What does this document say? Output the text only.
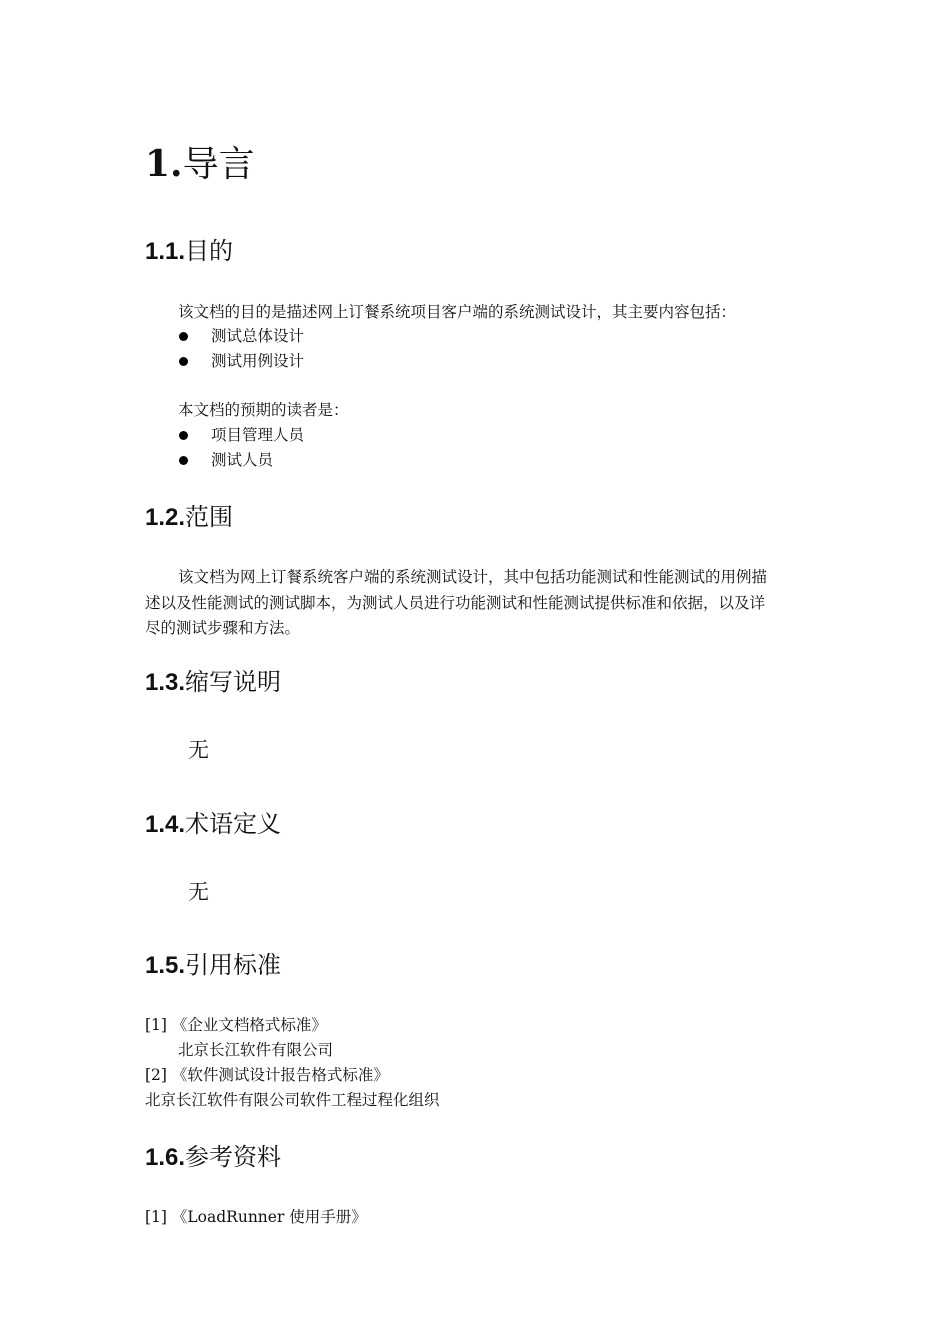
1.导言
1.1.目的
该文档的目的是描述网上订餐系统项目客户端的系统测试设计，其主要内容包括：
测试总体设计
测试用例设计
本文档的预期的读者是：
项目管理人员
测试人员
1.2.范围
该文档为网上订餐系统客户端的系统测试设计，其中包括功能测试和性能测试的用例描
述以及性能测试的测试脚本，为测试人员进行功能测试和性能测试提供标准和依据，以及详
尽的测试步骤和方法。
1.3.缩写说明
无
1.4.术语定义
无
1.5.引用标准
[1] 《企业文档格式标准》
北京长江软件有限公司
[2] 《软件测试设计报告格式标准》
北京长江软件有限公司软件工程过程化组织
1.6.参考资料
[1] 《LoadRunner 使用手册》
